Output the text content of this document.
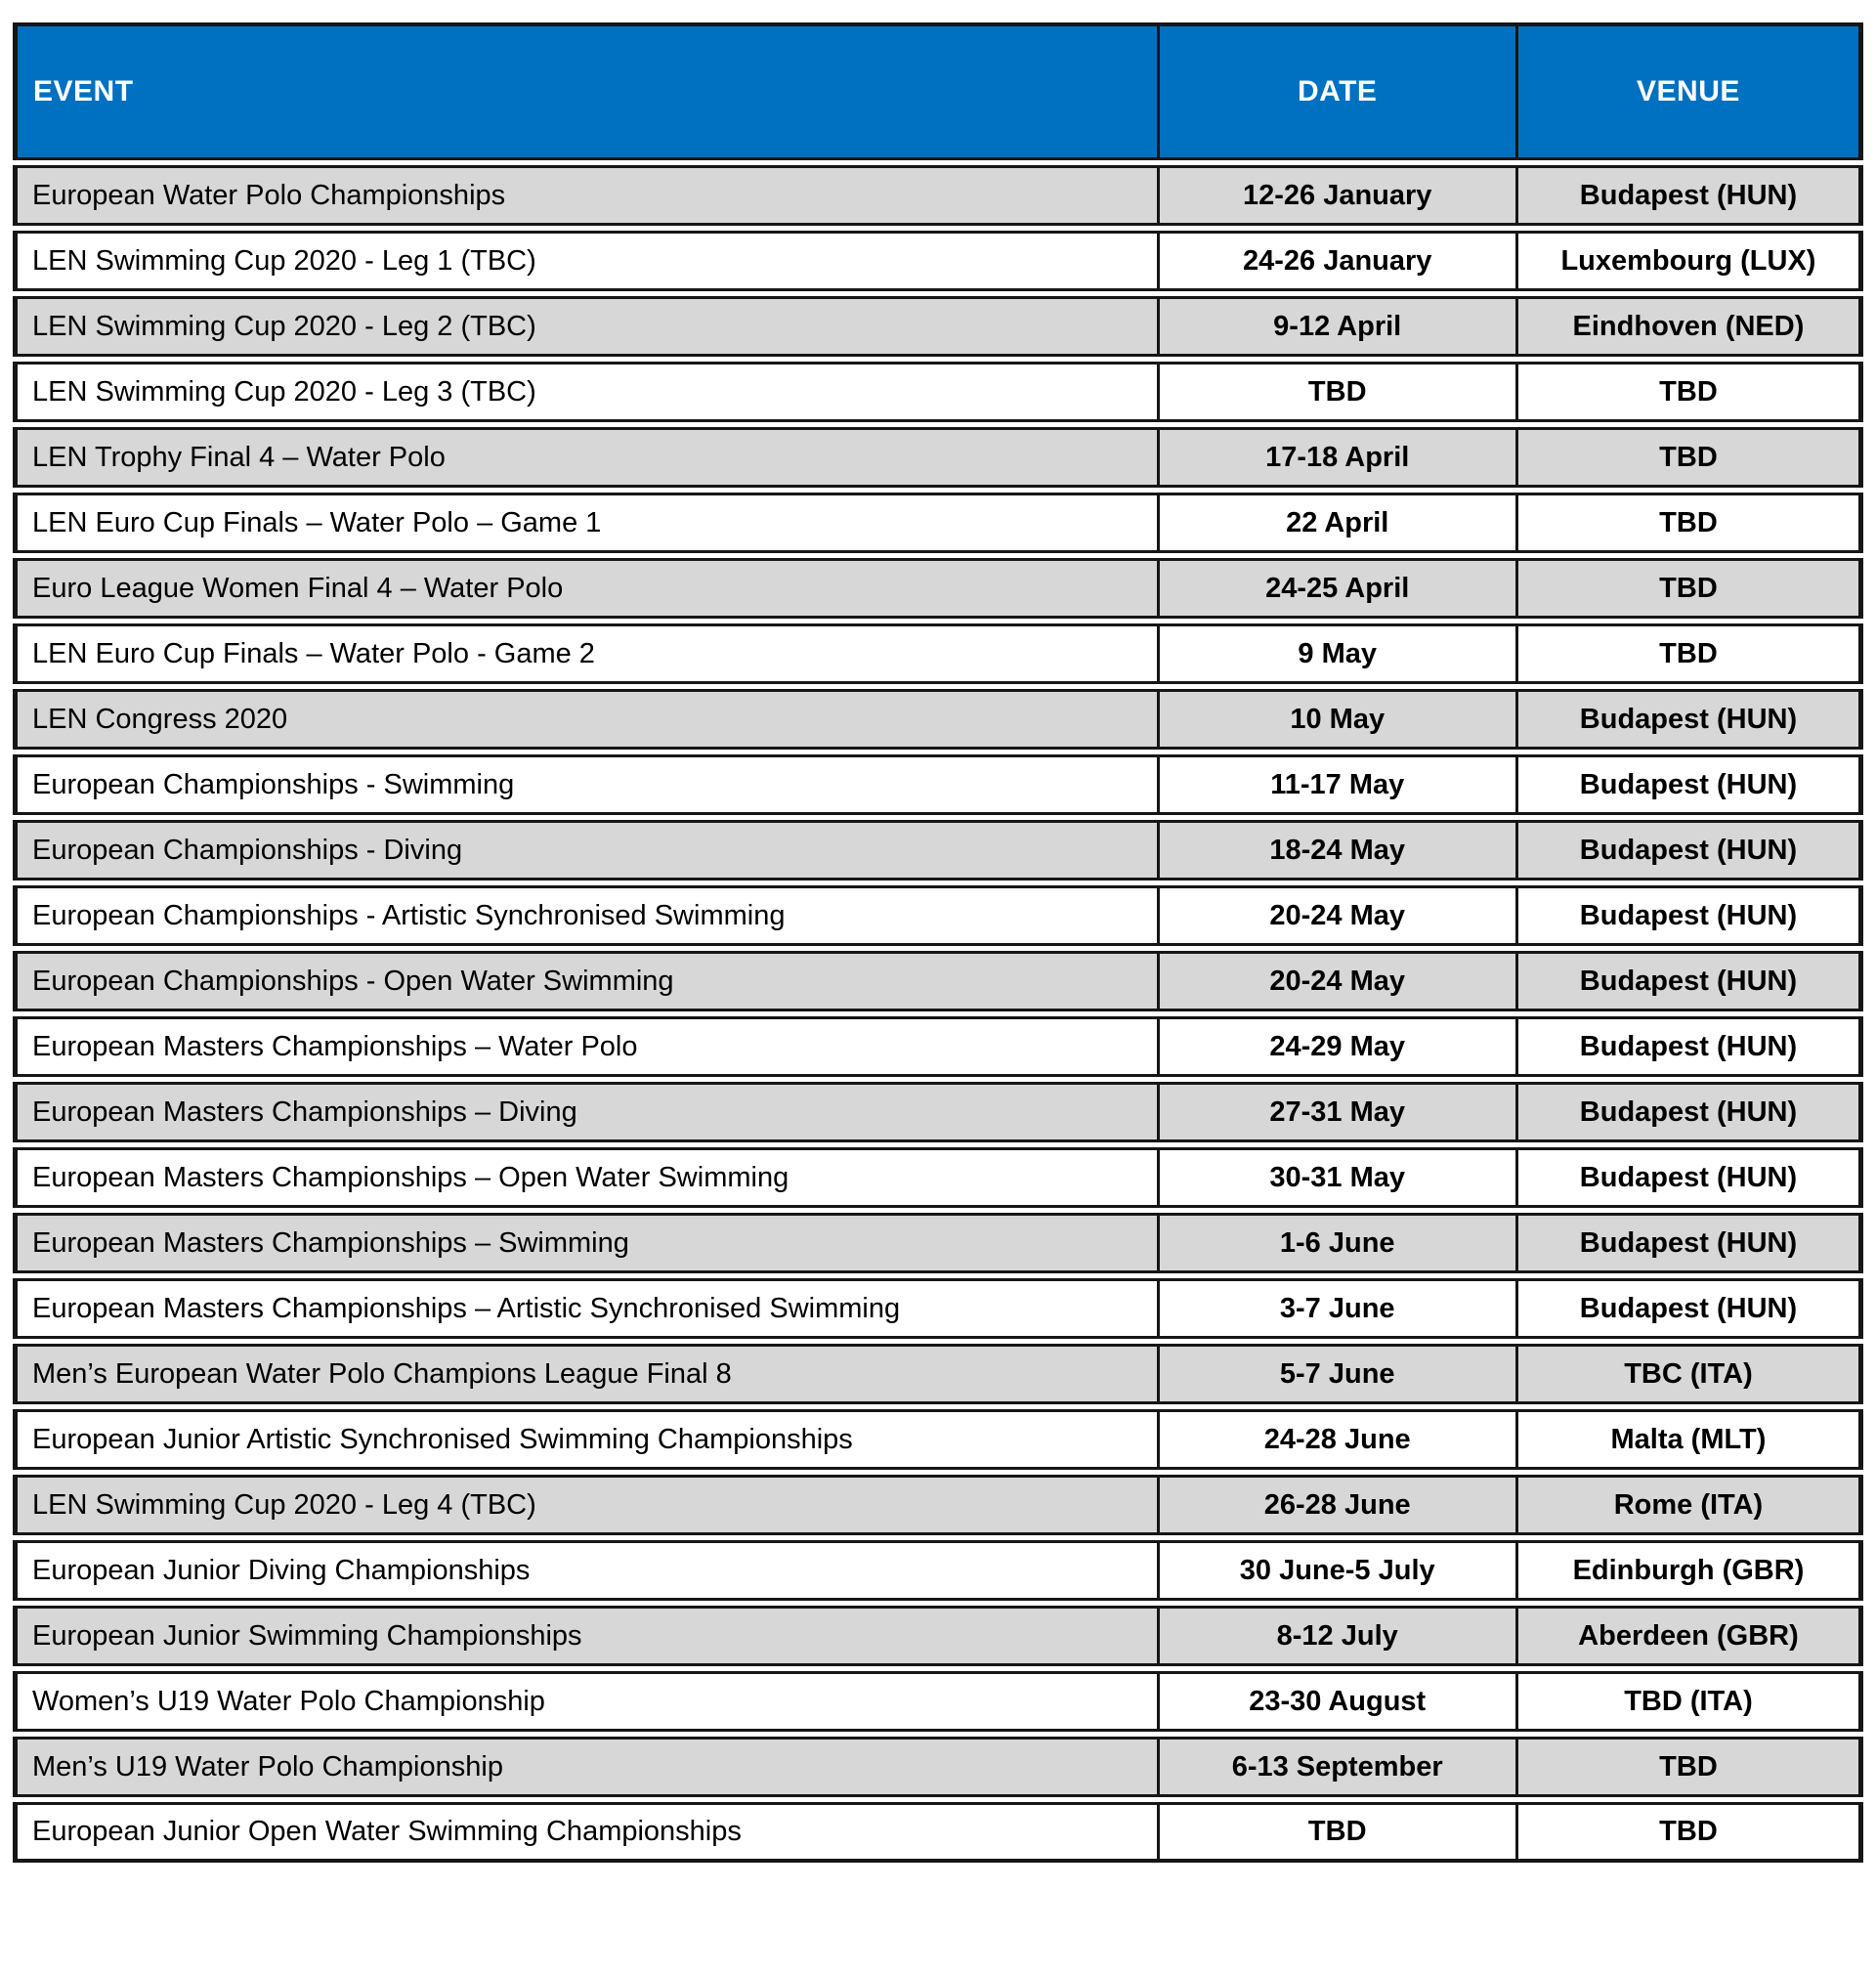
EVENT	DATE	VENUE
European Water Polo Championships	12-26 January	Budapest (HUN)
LEN Swimming Cup 2020 - Leg 1 (TBC)	24-26 January	Luxembourg (LUX)
LEN Swimming Cup 2020 - Leg 2 (TBC)	9-12 April	Eindhoven (NED)
LEN Swimming Cup 2020 - Leg 3 (TBC)	TBD	TBD
LEN Trophy Final 4 – Water Polo	17-18 April	TBD
LEN Euro Cup Finals – Water Polo – Game 1	22 April	TBD
Euro League Women Final 4 – Water Polo	24-25 April	TBD
LEN Euro Cup Finals – Water Polo - Game 2	9 May	TBD
LEN Congress 2020	10 May	Budapest (HUN)
European Championships - Swimming	11-17 May	Budapest (HUN)
European Championships - Diving	18-24 May	Budapest (HUN)
European Championships - Artistic Synchronised Swimming	20-24 May	Budapest (HUN)
European Championships - Open Water Swimming	20-24 May	Budapest (HUN)
European Masters Championships – Water Polo	24-29 May	Budapest (HUN)
European Masters Championships – Diving	27-31 May	Budapest (HUN)
European Masters Championships – Open Water Swimming	30-31 May	Budapest (HUN)
European Masters Championships – Swimming	1-6 June	Budapest (HUN)
European Masters Championships – Artistic Synchronised Swimming	3-7 June	Budapest (HUN)
Men’s European Water Polo Champions League Final 8	5-7 June	TBC (ITA)
European Junior Artistic Synchronised Swimming Championships	24-28 June	Malta (MLT)
LEN Swimming Cup 2020 - Leg 4 (TBC)	26-28 June	Rome (ITA)
European Junior Diving Championships	30 June-5 July	Edinburgh (GBR)
European Junior Swimming Championships	8-12 July	Aberdeen (GBR)
Women’s U19 Water Polo Championship	23-30 August	TBD (ITA)
Men’s U19 Water Polo Championship	6-13 September	TBD
European Junior Open Water Swimming Championships	TBD	TBD
